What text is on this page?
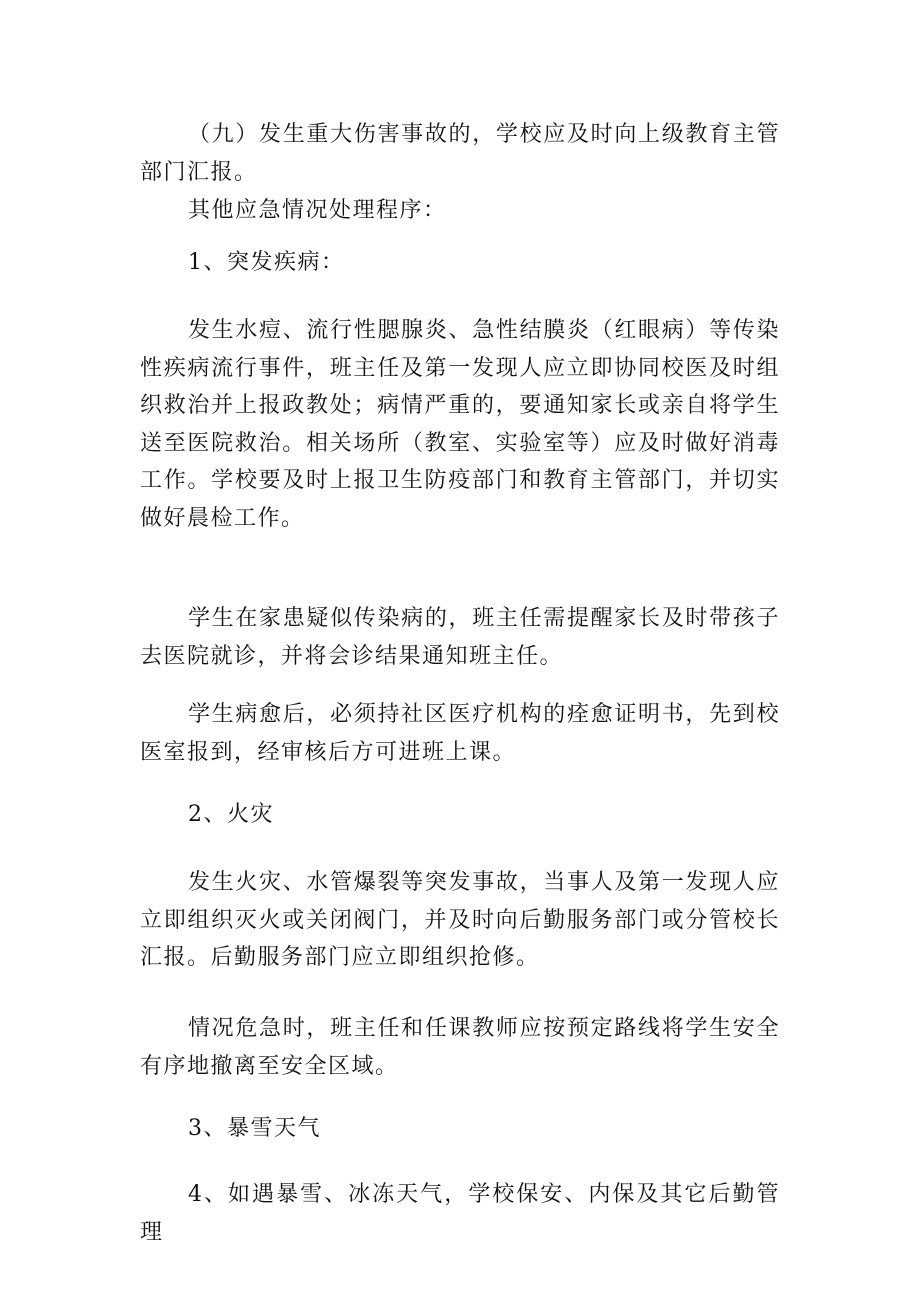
（九）发生重大伤害事故的，学校应及时向上级教育主管部门汇报。

其他应急情况处理程序：

1、突发疾病：

发生水痘、流行性腮腺炎、急性结膜炎（红眼病）等传染性疾病流行事件，班主任及第一发现人应立即协同校医及时组织救治并上报政教处；病情严重的，要通知家长或亲自将学生送至医院救治。相关场所（教室、实验室等）应及时做好消毒工作。学校要及时上报卫生防疫部门和教育主管部门，并切实做好晨检工作。

学生在家患疑似传染病的，班主任需提醒家长及时带孩子去医院就诊，并将会诊结果通知班主任。

学生病愈后，必须持社区医疗机构的痊愈证明书，先到校医室报到，经审核后方可进班上课。

2、火灾

发生火灾、水管爆裂等突发事故，当事人及第一发现人应立即组织灭火或关闭阀门，并及时向后勤服务部门或分管校长汇报。后勤服务部门应立即组织抢修。

情况危急时，班主任和任课教师应按预定路线将学生安全有序地撤离至安全区域。

3、暴雪天气

4、如遇暴雪、冰冻天气，学校保安、内保及其它后勤管理
